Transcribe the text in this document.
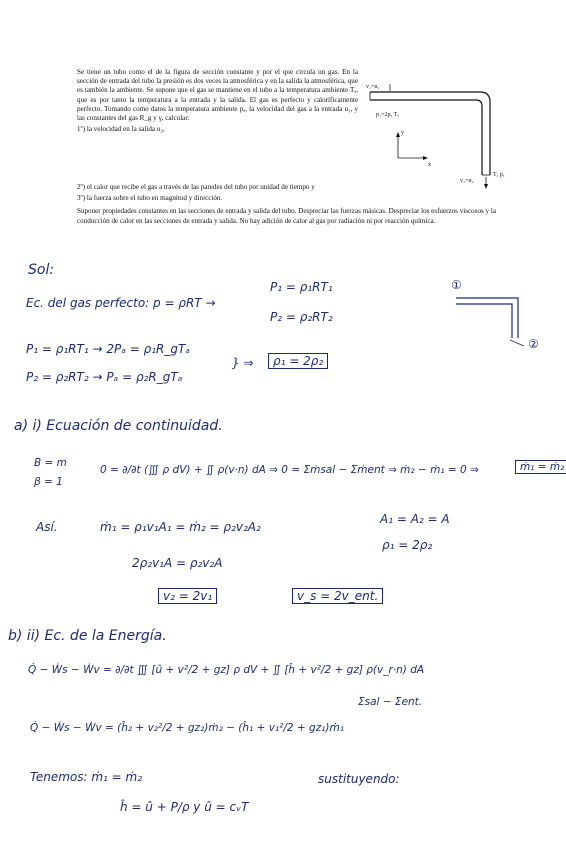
Se tiene un tubo como el de la figura de sección constante y por el que circula un gas. En la sección de entrada del tubo la presión es dos veces la atmosférica y en la salida la atmosférica, que es también la ambiente. Se supone que el gas se mantiene en el tubo a la temperatura ambiente Tₐ, que es por tanto la temperatura a la entrada y la salida. El gas es perfecto y caloríficamente perfecto. Tomando como datos la temperatura ambiente pₐ, la velocidad del gas a la entrada u₁, y las constantes del gas R_g y γ, calcular:

1º) la velocidad en la salida u₂,

2º) el calor que recibe el gas a través de las paredes del tubo por unidad de tiempo y

3º) la fuerza sobre el tubo en magnitud y dirección.

Suponer propiedades constantes en las secciones de entrada y salida del tubo. Despreciar las fuerzas másicas. Despreciar los esfuerzos viscosos y la conducción de calor en las secciones de entrada y salida. No hay adición de calor al gas por radiación ni por reacción química.

v₁=u₁
p₁=2pₐ Tₐ
y
x
v₂=u₂
Tₐ pₐ
Sol:
Ec. del gas perfecto: p = ρRT →
P₁ = ρ₁RT₁
P₂ = ρ₂RT₂
①
②
P₁ = ρ₁RT₁ → 2Pₐ = ρ₁R_gTₐ
P₂ = ρ₂RT₂ → Pₐ = ρ₂R_gTₐ
} ⇒	ρ₁ = 2ρ₂
a) i) Ecuación de continuidad.
B = m
β = 1
0 = ∂/∂t (∭ ρ dV) + ∬ ρ(v·n) dA ⇒ 0 = Σṁsal − Σṁent ⇒ ṁ₂ − ṁ₁ = 0 ⇒	ṁ₁ = ṁ₂
Así.	ṁ₁ = ρ₁v₁A₁ = ṁ₂ = ρ₂v₂A₂
A₁ = A₂ = A
ρ₁ = 2ρ₂
2ρ₂v₁A = ρ₂v₂A
v₂ = 2v₁	v_s = 2v_ent.
b) ii) Ec. de la Energía.
Q̇ − Ẇs − Ẇv = ∂/∂t ∭ [û + v²/2 + gz] ρ dV + ∬ [ĥ + v²/2 + gz] ρ(v_r·n) dA
Σsal − Σent.
Q̇ − Ẇs − Ẇv = (ĥ₂ + v₂²/2 + gz₂)ṁ₂ − (ĥ₁ + v₁²/2 + gz₁)ṁ₁
Tenemos: ṁ₁ = ṁ₂
ĥ = û + P/ρ y û = cᵥT
sustituyendo:
